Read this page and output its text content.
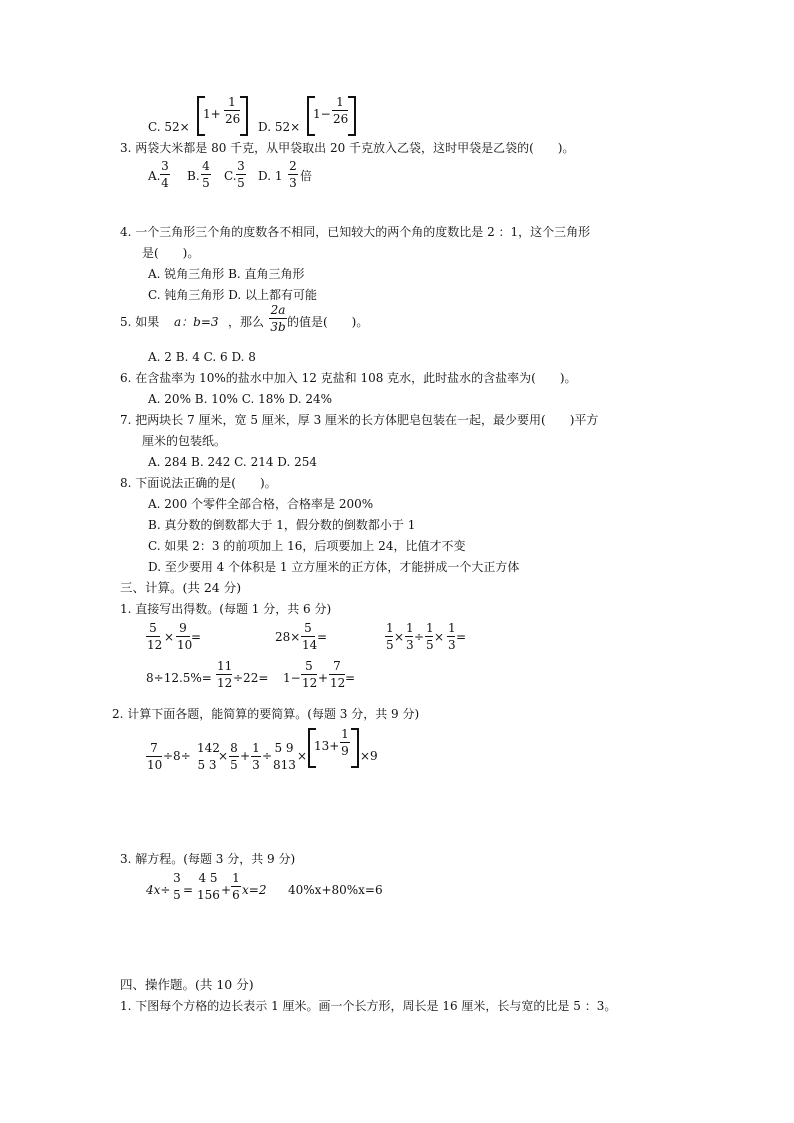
C. 52×
1+
1
26
D. 52×
1−
1
26
3. 两袋大米都是 80 千克，从甲袋取出 20 千克放入乙袋，这时甲袋是乙袋的(　　)。
A.
3
4 B.
4
5 C.
3
5 D. 1
2
3 倍
4. 一个三角形三个角的度数各不相同，已知较大的两个角的度数比是 2 ：1，这个三角形
是(　　)。
A. 锐角三角形 B. 直角三角形
C. 钝角三角形 D. 以上都有可能
5. 如果 a：b=3 ，那么
2a
3b 的值是(　　)。
A. 2 B. 4 C. 6 D. 8
6. 在含盐率为 10%的盐水中加入 12 克盐和 108 克水，此时盐水的含盐率为(　　)。
A. 20% B. 10% C. 18% D. 24%
7. 把两块长 7 厘米，宽 5 厘米，厚 3 厘米的长方体肥皂包装在一起，最少要用(　　)平方
厘米的包装纸。
A. 284 B. 242 C. 214 D. 254
8. 下面说法正确的是(　　)。
A. 200 个零件全部合格，合格率是 200%
B. 真分数的倒数都大于 1，假分数的倒数都小于 1
C. 如果 2：3 的前项加上 16，后项要加上 24，比值才不变
D. 至少要用 4 个体积是 1 立方厘米的正方体，才能拼成一个大正方体
三、计算。(共 24 分)
1. 直接写出得数。(每题 1 分，共 6 分)
5
12
×
9
10
=	28×
5
14
=
1
5
×
1
3
÷
1
5
×
1
3
=
8÷12.5%=
11
12 ÷22= 1−
5
12 +
7
12 =
2. 计算下面各题，能简算的要简算。(每题 3 分，共 9 分)
7
10
÷8÷
142
5 3
×
8
5
+
1
3
÷
5 9
813
×
13+
1
9 ×9
3. 解方程。(每题 3 分，共 9 分)
4x÷
3
5 =
4 5
156 +
1
6 x=2 40%x+80%x=6
四、操作题。(共 10 分)
1. 下图每个方格的边长表示 1 厘米。画一个长方形，周长是 16 厘米，长与宽的比是 5 ：3。
